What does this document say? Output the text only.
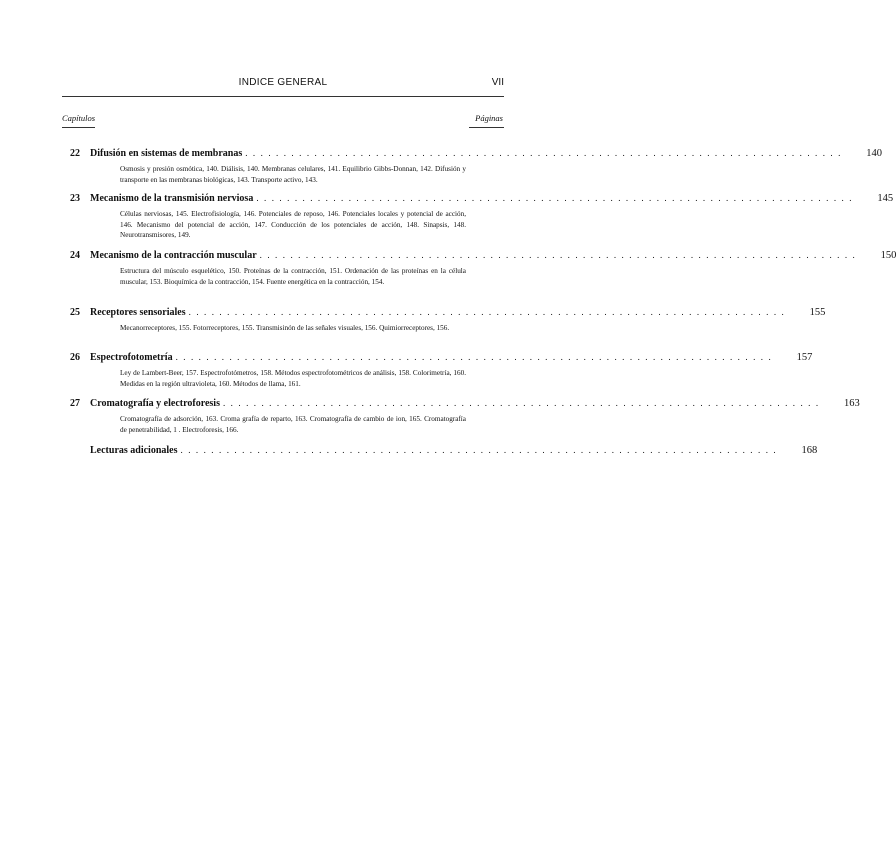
INDICE GENERAL	VII
Capítulos	Páginas
22	Difusión en sistemas de membranas . . . . . . . . . . . . . . . . . . . . . . . . . . . . . . . . . . . . . . . . . . . . . . . . . . . . . . . . . . . . . . . . . . . . . . . . . . . . . .	140
Osmosis y presión osmótica, 140. Diálisis, 140. Membranas celulares, 141. Equilibrio Gibbs-Donnan, 142. Difusión y transporte en las membranas biológicas, 143. Transporte activo, 143.
23	Mecanismo de la transmisión nerviosa . . . . . . . . . . . . . . . . . . . . . . . . . . . . . . . . . . . . . . . . . . . . . . . . . . . . . . . . . . . . . . . . . . . . . . . . . . . . . .	145
Células nerviosas, 145. Electrofisiología, 146. Potenciales de reposo, 146. Potenciales locales y potencial de acción, 146. Mecanismo del potencial de acción, 147. Conducción de los potenciales de acción, 148. Sinapsis, 148. Neurotransmisores, 149.
24	Mecanismo de la contracción muscular . . . . . . . . . . . . . . . . . . . . . . . . . . . . . . . . . . . . . . . . . . . . . . . . . . . . . . . . . . . . . . . . . . . . . . . . . . . . . .	150
Estructura del músculo esquelético, 150. Proteínas de la contracción, 151. Ordenación de las proteínas en la célula muscular, 153. Bioquímica de la contracción, 154. Fuente energética en la contracción, 154.
25	Receptores sensoriales . . . . . . . . . . . . . . . . . . . . . . . . . . . . . . . . . . . . . . . . . . . . . . . . . . . . . . . . . . . . . . . . . . . . . . . . . . . . . .	155
Mecanorreceptores, 155. Fotorreceptores, 155. Transmisinón de las señales visuales, 156. Quimiorreceptores, 156.
26	Espectrofotometría . . . . . . . . . . . . . . . . . . . . . . . . . . . . . . . . . . . . . . . . . . . . . . . . . . . . . . . . . . . . . . . . . . . . . . . . . . . . . .	157
Ley de Lambert-Beer, 157. Espectrofotómetros, 158. Métodos espectrofotométricos de análisis, 158. Colorimetría, 160. Medidas en la región ultravioleta, 160. Métodos de llama, 161.
27	Cromatografía y electroforesis . . . . . . . . . . . . . . . . . . . . . . . . . . . . . . . . . . . . . . . . . . . . . . . . . . . . . . . . . . . . . . . . . . . . . . . . . . . . . .	163
Cromatografía de adsorción, 163. Croma grafía de reparto, 163. Cromatografía de cambio de ion, 165. Cromatografía de penetrabilidad, 1 . Electroforesis, 166.
Lecturas adicionales . . . . . . . . . . . . . . . . . . . . . . . . . . . . . . . . . . . . . . . . . . . . . . . . . . . . . . . . . . . . . . . . . . . . . . . . . . . . . .	168
